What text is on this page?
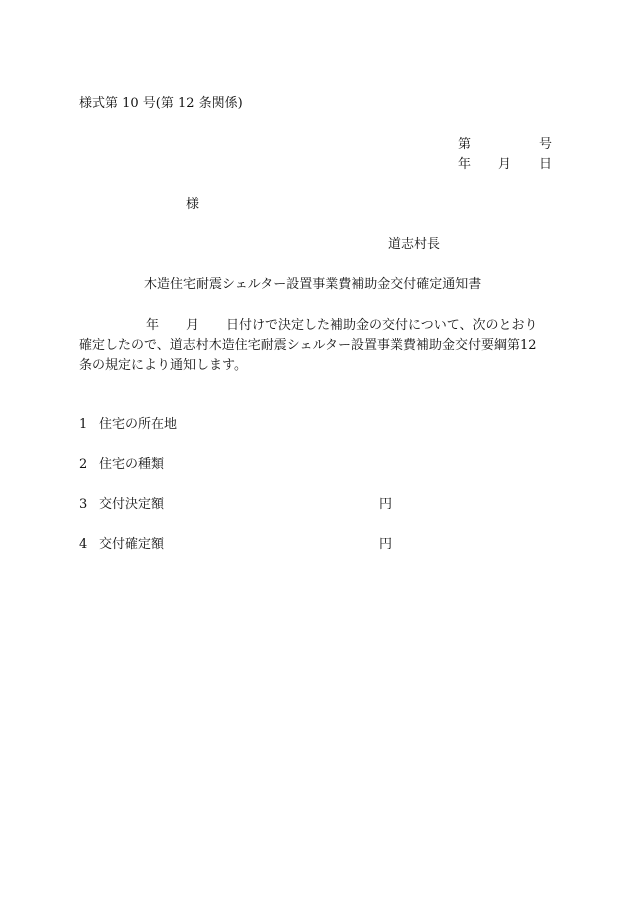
様式第 10 号(第 12 条関係)
第	号
年 月 日
様
道志村長
木造住宅耐震シェルター設置事業費補助金交付確定通知書
年 月 日付けで決定した補助金の交付について、次のとおり
確定したので、道志村木造住宅耐震シェルター設置事業費補助金交付要綱第12
条の規定により通知します。
1 住宅の所在地
2 住宅の種類
3 交付決定額	円
4 交付確定額	円
